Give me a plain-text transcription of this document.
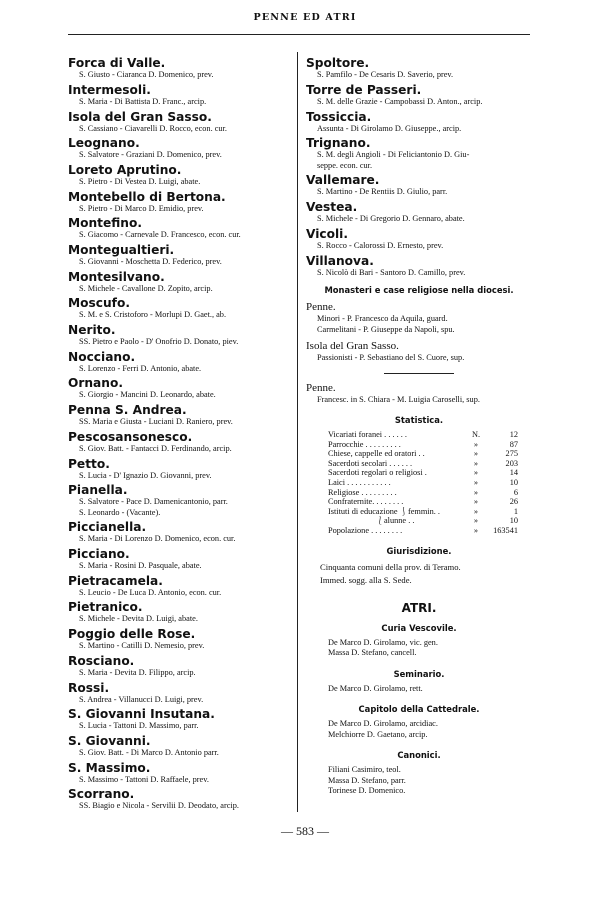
PENNE ED ATRI
Forca di Valle.
S. Giusto - Ciaranca D. Domenico, prev.
Intermesoli.
S. Maria - Di Battista D. Franc., arcip.
Isola del Gran Sasso.
S. Cassiano - Ciavarelli D. Rocco, econ. cur.
Leognano.
S. Salvatore - Graziani D. Domenico, prev.
Loreto Aprutino.
S. Pietro - Di Vestea D. Luigi, abate.
Montebello di Bertona.
S. Pietro - Di Marco D. Emidio, prev.
Montefino.
S. Giacomo - Carnevale D. Francesco, econ. cur.
Montegualtieri.
S. Giovanni - Moschetta D. Federico, prev.
Montesilvano.
S. Michele - Cavallone D. Zopito, arcip.
Moscufo.
S. M. e S. Cristoforo - Morlupi D. Gaet., ab.
Nerito.
SS. Pietro e Paolo - D' Onofrio D. Donato, piev.
Nocciano.
S. Lorenzo - Ferri D. Antonio, abate.
Ornano.
S. Giorgio - Mancini D. Leonardo, abate.
Penna S. Andrea.
SS. Maria e Giusta - Luciani D. Raniero, prev.
Pescosansonesco.
S. Giov. Batt. - Fantacci D. Ferdinando, arcip.
Petto.
S. Lucia - D' Ignazio D. Giovanni, prev.
Pianella.
S. Salvatore - Pace D. Damenicantonio, parr.
S. Leonardo - (Vacante).
Piccianella.
S. Maria - Di Lorenzo D. Domenico, econ. cur.
Picciano.
S. Maria - Rosini D. Pasquale, abate.
Pietracamela.
S. Leucio - De Luca D. Antonio, econ. cur.
Pietranico.
S. Michele - Devita D. Luigi, abate.
Poggio delle Rose.
S. Martino - Catilli D. Nemesio, prev.
Rosciano.
S. Maria - Devita D. Filippo, arcip.
Rossi.
S. Andrea - Villanucci D. Luigi, prev.
S. Giovanni Insutana.
S. Lucia - Tattoni D. Massimo, parr.
S. Giovanni.
S. Giov. Batt. - Di Marco D. Antonio parr.
S. Massimo.
S. Massimo - Tattoni D. Raffaele, prev.
Scorrano.
SS. Biagio e Nicola - Servilii D. Deodato, arcip.
Spoltore.
S. Pamfilo - De Cesaris D. Saverio, prev.
Torre de Passeri.
S. M. delle Grazie - Campobassi D. Anton., arcip.
Tossiccia.
Assunta - Di Girolamo D. Giuseppe., arcip.
Trignano.
S. M. degli Angioli - Di Feliciantonio D. Giu-
seppe. econ. cur.
Vallemare.
S. Martino - De Rentiis D. Giulio, parr.
Vestea.
S. Michele - Di Gregorio D. Gennaro, abate.
Vicoli.
S. Rocco - Calorossi D. Ernesto, prev.
Villanova.
S. Nicolò di Bari - Santoro D. Camillo, prev.
Monasteri e case religiose nella diocesi.
Penne.
Minori - P. Francesco da Aquila, guard.
Carmelitani - P. Giuseppe da Napoli, spu.
Isola del Gran Sasso.
Passionisti - P. Sebastiano del S. Cuore, sup.
Penne.
Francesc. in S. Chiara - M. Luigia Caroselli, sup.
Statistica.
Vicariati foranei . . . . . .	N.	12
Parrocchie . . . . . . . . .	»	87
Chiese, cappelle ed oratori . .	»	275
Sacerdoti secolari . . . . . .	»	203
Sacerdoti regolari o religiosi .	»	14
Laici . . . . . . . . . . .	»	10
Religiose . . . . . . . . .	»	6
Confraternite. . . . . . . .	»	26
Istituti di educazione ⎰femmin. .	»	1
⎱alunne . .	»	10
Popolazione . . . . . . . .	»	163541
Giurisdizione.
Cinquanta comuni della prov. di Teramo.
Immed. sogg. alla S. Sede.
ATRI.
Curia Vescovile.
De Marco D. Girolamo, vic. gen.
Massa D. Stefano, cancell.
Seminario.
De Marco D. Girolamo, rett.
Capitolo della Cattedrale.
De Marco D. Girolamo, arcidiac.
Melchiorre D. Gaetano, arcip.
Canonici.
Filiani Casimiro, teol.
Massa D. Stefano, parr.
Torinese D. Domenico.
— 583 —
